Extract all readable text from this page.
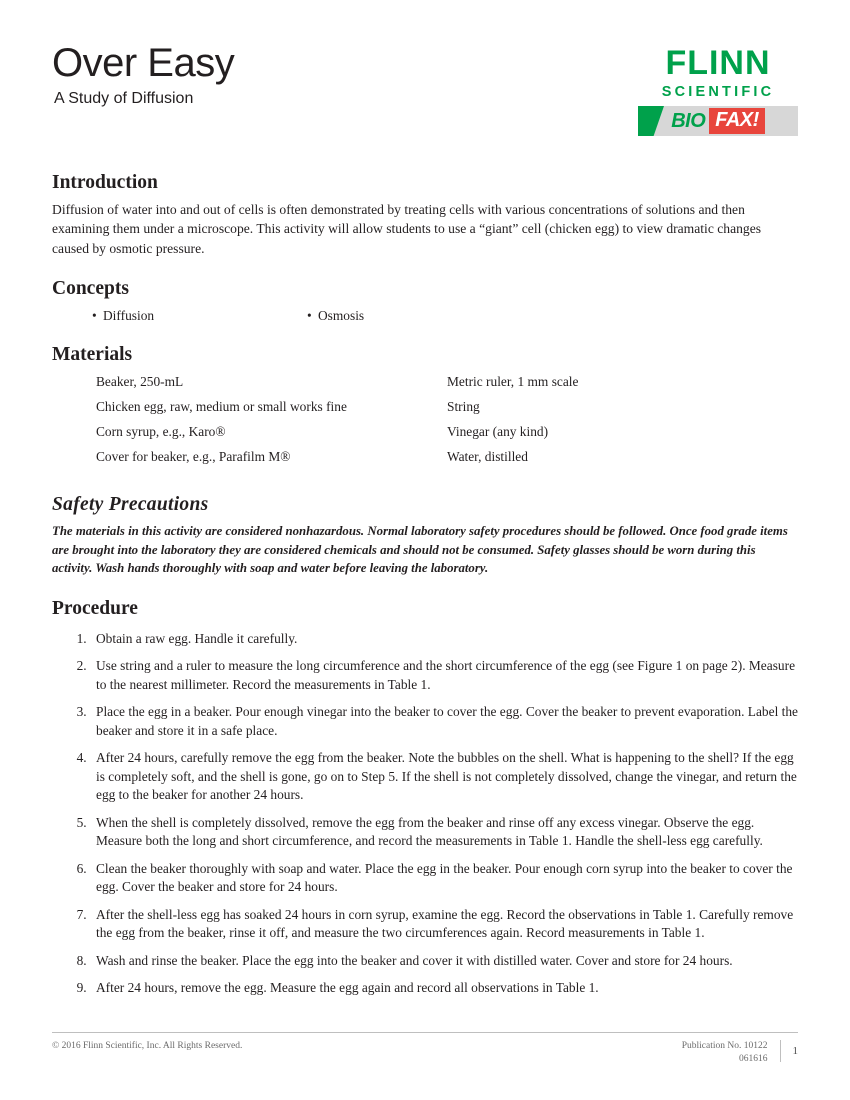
Over Easy
A Study of Diffusion
FLINN
SCIENTIFIC
BIO FAX!
Introduction

Diffusion of water into and out of cells is often demonstrated by treating cells with various concentrations of solutions and then examining them under a microscope. This activity will allow students to use a “giant” cell (chicken egg) to view dramatic changes caused by osmotic pressure.

Concepts
• Diffusion	• Osmosis
Materials
Beaker, 250-mL
Chicken egg, raw, medium or small works fine
Corn syrup, e.g., Karo®
Cover for beaker, e.g., Parafilm M®
Metric ruler, 1 mm scale
String
Vinegar (any kind)
Water, distilled
Safety Precautions

The materials in this activity are considered nonhazardous. Normal laboratory safety procedures should be followed. Once food grade items are brought into the laboratory they are considered chemicals and should not be consumed. Safety glasses should be worn during this activity. Wash hands thoroughly with soap and water before leaving the laboratory.

Procedure
1. Obtain a raw egg. Handle it carefully.
2. Use string and a ruler to measure the long circumference and the short circumference of the egg (see Figure 1 on page 2). Measure to the nearest millimeter. Record the measurements in Table 1.
3. Place the egg in a beaker. Pour enough vinegar into the beaker to cover the egg. Cover the beaker to prevent evaporation. Label the beaker and store it in a safe place.
4. After 24 hours, carefully remove the egg from the beaker. Note the bubbles on the shell. What is happening to the shell? If the egg is completely soft, and the shell is gone, go on to Step 5. If the shell is not completely dissolved, change the vinegar, and return the egg to the beaker for another 24 hours.
5. When the shell is completely dissolved, remove the egg from the beaker and rinse off any excess vinegar. Observe the egg. Measure both the long and short circumference, and record the measurements in Table 1. Handle the shell-less egg carefully.
6. Clean the beaker thoroughly with soap and water. Place the egg in the beaker. Pour enough corn syrup into the beaker to cover the egg. Cover the beaker and store for 24 hours.
7. After the shell-less egg has soaked 24 hours in corn syrup, examine the egg. Record the observations in Table 1. Carefully remove the egg from the beaker, rinse it off, and measure the two circumferences again. Record measurements in Table 1.
8. Wash and rinse the beaker. Place the egg into the beaker and cover it with distilled water. Cover and store for 24 hours.
9. After 24 hours, remove the egg. Measure the egg again and record all observations in Table 1.
© 2016 Flinn Scientific, Inc. All Rights Reserved.	Publication No. 10122
061616
1
